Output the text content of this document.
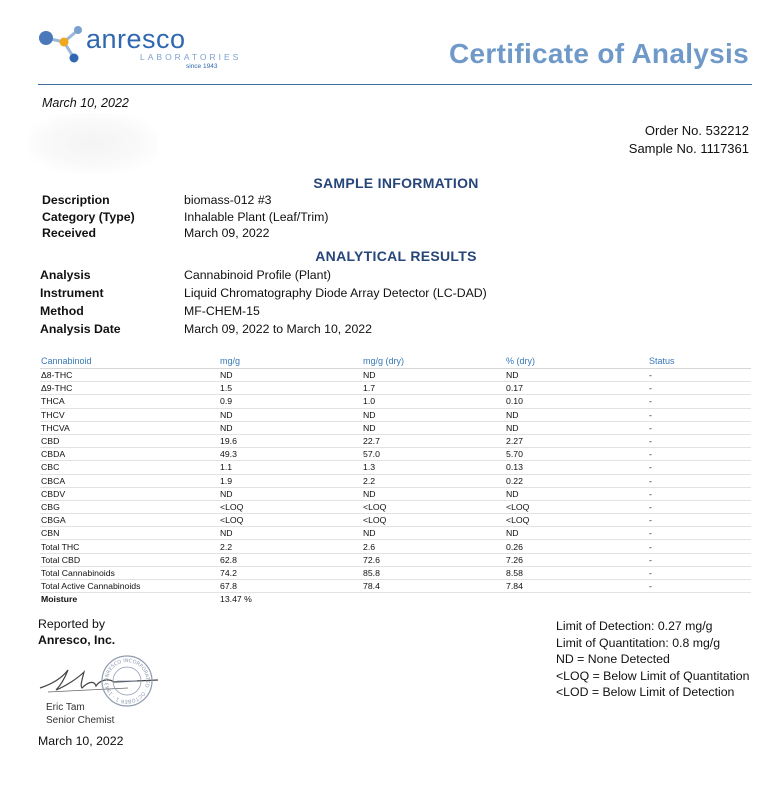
anresco
LABORATORIES
since 1943	Certificate of Analysis
March 10, 2022
Order No. 532212
Sample No. 1117361
SAMPLE INFORMATION
Description	biomass-012 #3
Category (Type)	Inhalable Plant (Leaf/Trim)
Received	March 09, 2022
ANALYTICAL RESULTS
Analysis	Cannabinoid Profile (Plant)
Instrument	Liquid Chromatography Diode Array Detector (LC-DAD)
Method	MF-CHEM-15
Analysis Date	March 09, 2022 to March 10, 2022
Cannabinoid	mg/g	mg/g (dry)	% (dry)	Status
Δ8-THC	ND	ND	ND	-
Δ9-THC	1.5	1.7	0.17	-
THCA	0.9	1.0	0.10	-
THCV	ND	ND	ND	-
THCVA	ND	ND	ND	-
CBD	19.6	22.7	2.27	-
CBDA	49.3	57.0	5.70	-
CBC	1.1	1.3	0.13	-
CBCA	1.9	2.2	0.22	-
CBDV	ND	ND	ND	-
CBG	<LOQ	<LOQ	<LOQ	-
CBGA	<LOQ	<LOQ	<LOQ	-
CBN	ND	ND	ND	-
Total THC	2.2	2.6	0.26	-
Total CBD	62.8	72.6	7.26	-
Total Cannabinoids	74.2	85.8	8.58	-
Total Active Cannabinoids	67.8	78.4	7.84	-
Moisture	13.47 %			
Reported by
Anresco, Inc.
ANRESCO INCORPORATED · OCTOBER 1 · 1943
Eric Tam
Senior Chemist
March 10, 2022
Limit of Detection: 0.27 mg/g
Limit of Quantitation: 0.8 mg/g
ND = None Detected
<LOQ = Below Limit of Quantitation
<LOD = Below Limit of Detection
